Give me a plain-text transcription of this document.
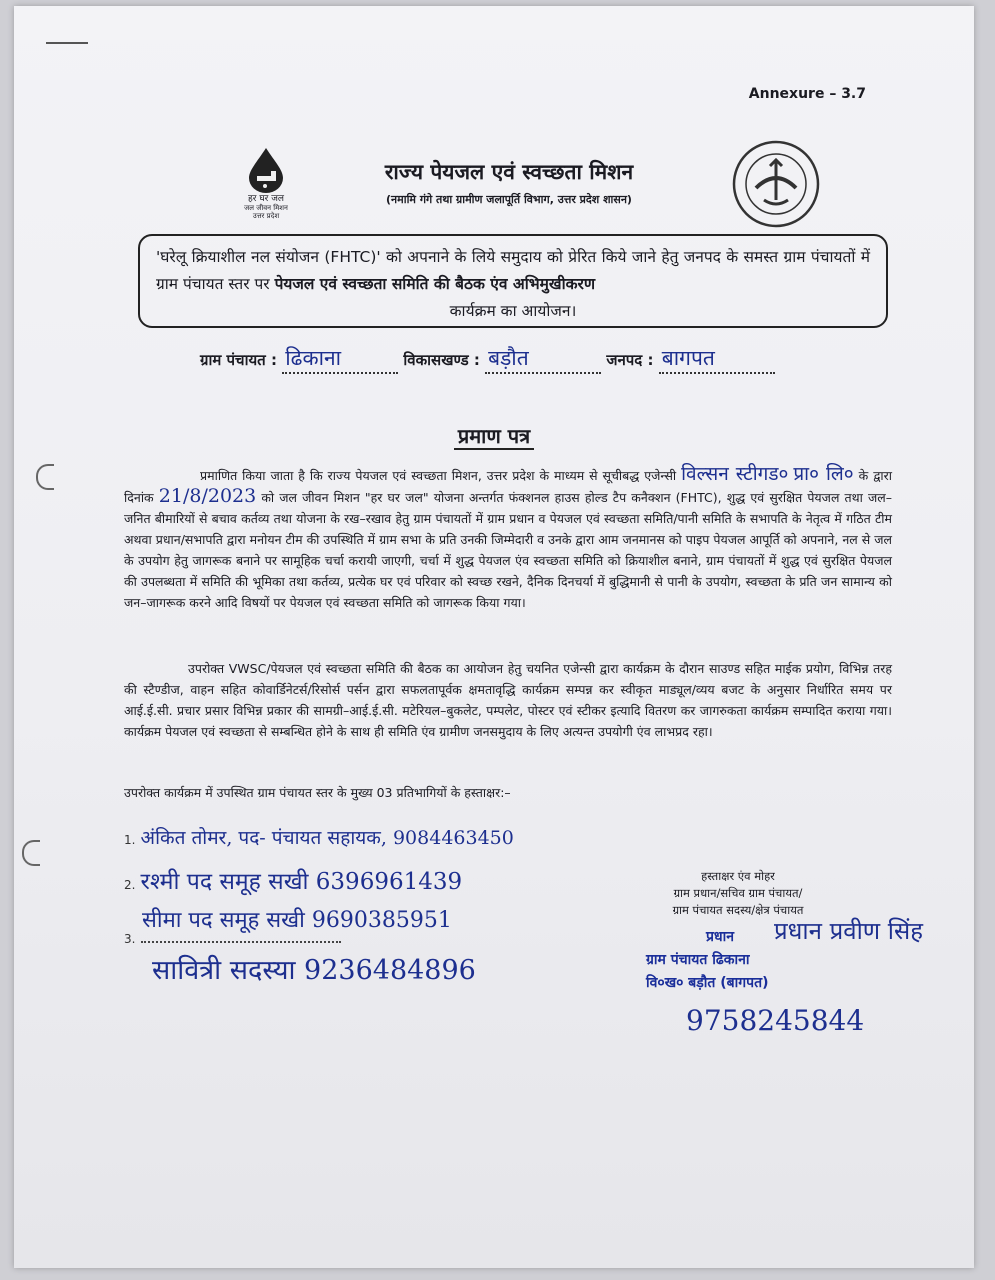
Annexure – 3.7
हर घर जल
जल जीवन मिशन
उत्तर प्रदेश
राज्य पेयजल एवं स्वच्छता मिशन
(नमामि गंगे तथा ग्रामीण जलापूर्ति विभाग, उत्तर प्रदेश शासन)
'घरेलू क्रियाशील नल संयोजन (FHTC)' को अपनाने के लिये समुदाय को प्रेरित किये जाने हेतु जनपद के समस्त ग्राम पंचायतों में ग्राम पंचायत स्तर पर पेयजल एवं स्वच्छता समिति की बैठक एंव अभिमुखीकरण
कार्यक्रम का आयोजन।
ग्राम पंचायत : ढिकाना	विकासखण्ड : बड़ौत	जनपद : बागपत
प्रमाण पत्र
प्रमाणित किया जाता है कि राज्य पेयजल एवं स्वच्छता मिशन, उत्तर प्रदेश के माध्यम से सूचीबद्ध एजेन्सी विल्सन स्टीगड० प्रा० लि० के द्वारा दिनांक 21/8/2023 को जल जीवन मिशन "हर घर जल" योजना अन्तर्गत फंक्शनल हाउस होल्ड टैप कनैक्शन (FHTC), शुद्ध एवं सुरक्षित पेयजल तथा जल–जनित बीमारियों से बचाव कर्तव्य तथा योजना के रख–रखाव हेतु ग्राम पंचायतों में ग्राम प्रधान व पेयजल एवं स्वच्छता समिति/पानी समिति के सभापति के नेतृत्व में गठित टीम अथवा प्रधान/सभापति द्वारा मनोयन टीम की उपस्थिति में ग्राम सभा के प्रति उनकी जिम्मेदारी व उनके द्वारा आम जनमानस को पाइप पेयजल आपूर्ति को अपनाने, नल से जल के उपयोग हेतु जागरूक बनाने पर सामूहिक चर्चा करायी जाएगी, चर्चा में शुद्ध पेयजल एंव स्वच्छता समिति को क्रियाशील बनाने, ग्राम पंचायतों में शुद्ध एवं सुरक्षित पेयजल की उपलब्धता में समिति की भूमिका तथा कर्तव्य, प्रत्येक घर एवं परिवार को स्वच्छ रखने, दैनिक दिनचर्या में बुद्धिमानी से पानी के उपयोग, स्वच्छता के प्रति जन सामान्य को जन–जागरूक करने आदि विषयों पर पेयजल एवं स्वच्छता समिति को जागरूक किया गया।
उपरोक्त VWSC/पेयजल एवं स्वच्छता समिति की बैठक का आयोजन हेतु चयनित एजेन्सी द्वारा कार्यक्रम के दौरान साउण्ड सहित माईक प्रयोग, विभिन्न तरह की स्टैण्डीज, वाहन सहित कोवार्डिनेटर्स/रिसोर्स पर्सन द्वारा सफलतापूर्वक क्षमतावृद्धि कार्यक्रम सम्पन्न कर स्वीकृत माड्यूल/व्यय बजट के अनुसार निर्धारित समय पर आई.ई.सी. प्रचार प्रसार विभिन्न प्रकार की सामग्री–आई.ई.सी. मटेरियल–बुकलेट, पम्पलेट, पोस्टर एवं स्टीकर इत्यादि वितरण कर जागरुकता कार्यक्रम सम्पादित कराया गया। कार्यक्रम पेयजल एवं स्वच्छता से सम्बन्धित होने के साथ ही समिति एंव ग्रामीण जनसमुदाय के लिए अत्यन्त उपयोगी एंव लाभप्रद रहा।
उपरोक्त कार्यक्रम में उपस्थित ग्राम पंचायत स्तर के मुख्य 03 प्रतिभागियों के हस्ताक्षर:–
1. अंकित तोमर, पद- पंचायत सहायक, 9084463450
2. रश्मी पद समूह सखी 6396961439
सीमा पद समूह सखी 9690385951
3.
सावित्री सदस्या 9236484896
हस्ताक्षर एंव मोहर
ग्राम प्रधान/सचिव ग्राम पंचायत/
ग्राम पंचायत सदस्य/क्षेत्र पंचायत
प्रधान
ग्राम पंचायत ढिकाना
वि०ख० बड़ौत (बागपत)
प्रधान प्रवीण सिंह
9758245844
